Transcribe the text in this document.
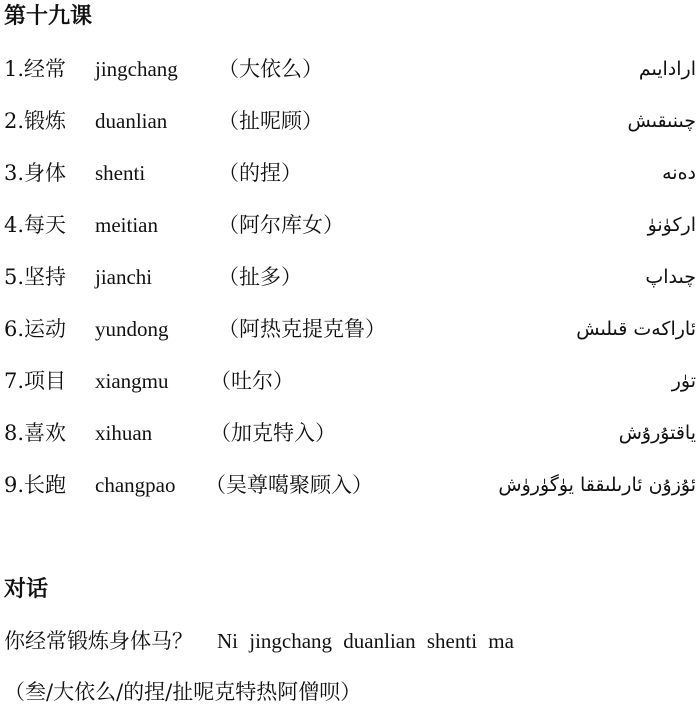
第十九课
1.经常 jingchang （大依么）	ارادايىم
2.锻炼 duanlian （扯呢顾）	چىنىقىش
3.身体 shenti	（的捏）	دەنە
4.每天 meitian	（阿尔库女）	اركۈنۈ
5.坚持 jianchi	（扯多）	چىداپ
6.运动 yundong （阿热克提克鲁）	ئاراكەت قىلىش
7.项目 xiangmu （吐尔）	تۈر
8.喜欢 xihuan	（加克特入）	ياقتۇرۇش
9.长跑 changpao （吴尊噶聚顾入）	ئۇزۇن ئارىلىققا يۈگۈرۈش
对话
你经常锻炼身体马？ Ni jingchang duanlian shenti ma
（叁/大依么/的捏/扯呢克特热阿僧呗）
